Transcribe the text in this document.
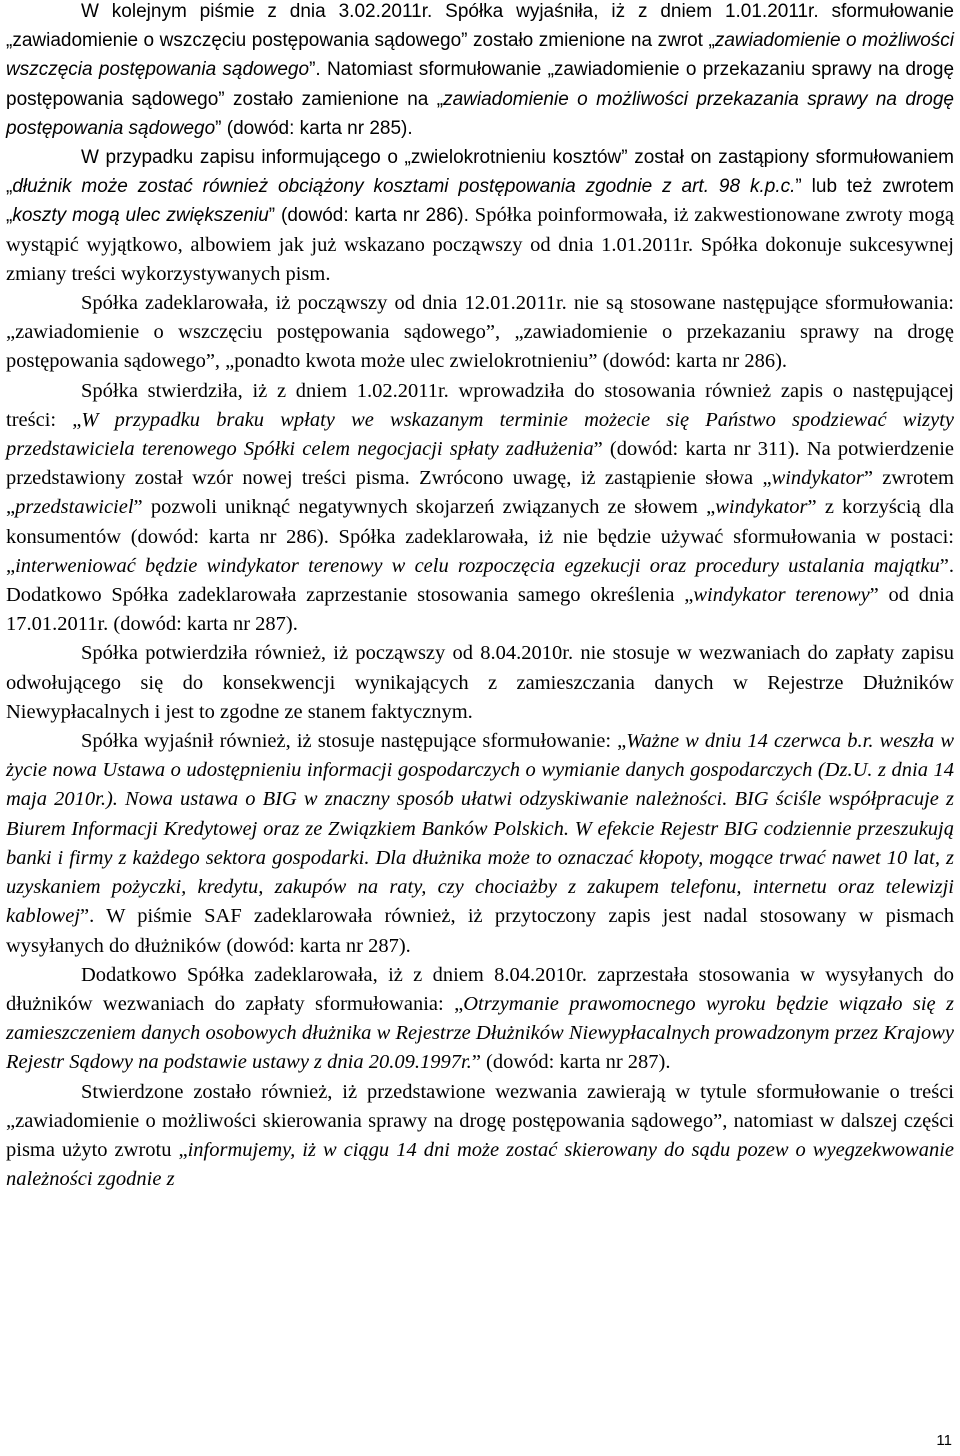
W kolejnym piśmie z dnia 3.02.2011r. Spółka wyjaśniła, iż z dniem 1.01.2011r. sformułowanie „zawiadomienie o wszczęciu postępowania sądowego” zostało zmienione na zwrot „zawiadomienie o możliwości wszczęcia postępowania sądowego”. Natomiast sformułowanie „zawiadomienie o przekazaniu sprawy na drogę postępowania sądowego” zostało zamienione na „zawiadomienie o możliwości przekazania sprawy na drogę postępowania sądowego” (dowód: karta nr 285).

W przypadku zapisu informującego o „zwielokrotnieniu kosztów” został on zastąpiony sformułowaniem „dłużnik może zostać również obciążony kosztami postępowania zgodnie z art. 98 k.p.c.” lub też zwrotem „koszty mogą ulec zwiększeniu” (dowód: karta nr 286). Spółka poinformowała, iż zakwestionowane zwroty mogą wystąpić wyjątkowo, albowiem jak już wskazano począwszy od dnia 1.01.2011r. Spółka dokonuje sukcesywnej zmiany treści wykorzystywanych pism.

Spółka zadeklarowała, iż począwszy od dnia 12.01.2011r. nie są stosowane następujące sformułowania: „zawiadomienie o wszczęciu postępowania sądowego”, „zawiadomienie o przekazaniu sprawy na drogę postępowania sądowego”, „ponadto kwota może ulec zwielokrotnieniu” (dowód: karta nr 286).

Spółka stwierdziła, iż z dniem 1.02.2011r. wprowadziła do stosowania również zapis o następującej treści: „W przypadku braku wpłaty we wskazanym terminie możecie się Państwo spodziewać wizyty przedstawiciela terenowego Spółki celem negocjacji spłaty zadłużenia” (dowód: karta nr 311). Na potwierdzenie przedstawiony został wzór nowej treści pisma. Zwrócono uwagę, iż zastąpienie słowa „windykator” zwrotem „przedstawiciel” pozwoli uniknąć negatywnych skojarzeń związanych ze słowem „windykator” z korzyścią dla konsumentów (dowód: karta nr 286). Spółka zadeklarowała, iż nie będzie używać sformułowania w postaci: „interweniować będzie windykator terenowy w celu rozpoczęcia egzekucji oraz procedury ustalania majątku”. Dodatkowo Spółka zadeklarowała zaprzestanie stosowania samego określenia „windykator terenowy” od dnia 17.01.2011r. (dowód: karta nr 287).

Spółka potwierdziła również, iż począwszy od 8.04.2010r. nie stosuje w wezwaniach do zapłaty zapisu odwołującego się do konsekwencji wynikających z zamieszczania danych w Rejestrze Dłużników Niewypłacalnych i jest to zgodne ze stanem faktycznym.

Spółka wyjaśnił również, iż stosuje następujące sformułowanie: „Ważne w dniu 14 czerwca b.r. weszła w życie nowa Ustawa o udostępnieniu informacji gospodarczych o wymianie danych gospodarczych (Dz.U. z dnia 14 maja 2010r.). Nowa ustawa o BIG w znaczny sposób ułatwi odzyskiwanie należności. BIG ściśle współpracuje z Biurem Informacji Kredytowej oraz ze Związkiem Banków Polskich. W efekcie Rejestr BIG codziennie przeszukują banki i firmy z każdego sektora gospodarki. Dla dłużnika może to oznaczać kłopoty, mogące trwać nawet 10 lat, z uzyskaniem pożyczki, kredytu, zakupów na raty, czy chociażby z zakupem telefonu, internetu oraz telewizji kablowej”. W piśmie SAF zadeklarowała również, iż przytoczony zapis jest nadal stosowany w pismach wysyłanych do dłużników (dowód: karta nr 287).

Dodatkowo Spółka zadeklarowała, iż z dniem 8.04.2010r. zaprzestała stosowania w wysyłanych do dłużników wezwaniach do zapłaty sformułowania: „Otrzymanie prawomocnego wyroku będzie wiązało się z zamieszczeniem danych osobowych dłużnika w Rejestrze Dłużników Niewypłacalnych prowadzonym przez Krajowy Rejestr Sądowy na podstawie ustawy z dnia 20.09.1997r.” (dowód: karta nr 287).

Stwierdzone zostało również, iż przedstawione wezwania zawierają w tytule sformułowanie o treści „zawiadomienie o możliwości skierowania sprawy na drogę postępowania sądowego”, natomiast w dalszej części pisma użyto zwrotu „informujemy, iż w ciągu 14 dni może zostać skierowany do sądu pozew o wyegzekwowanie należności zgodnie z

11
